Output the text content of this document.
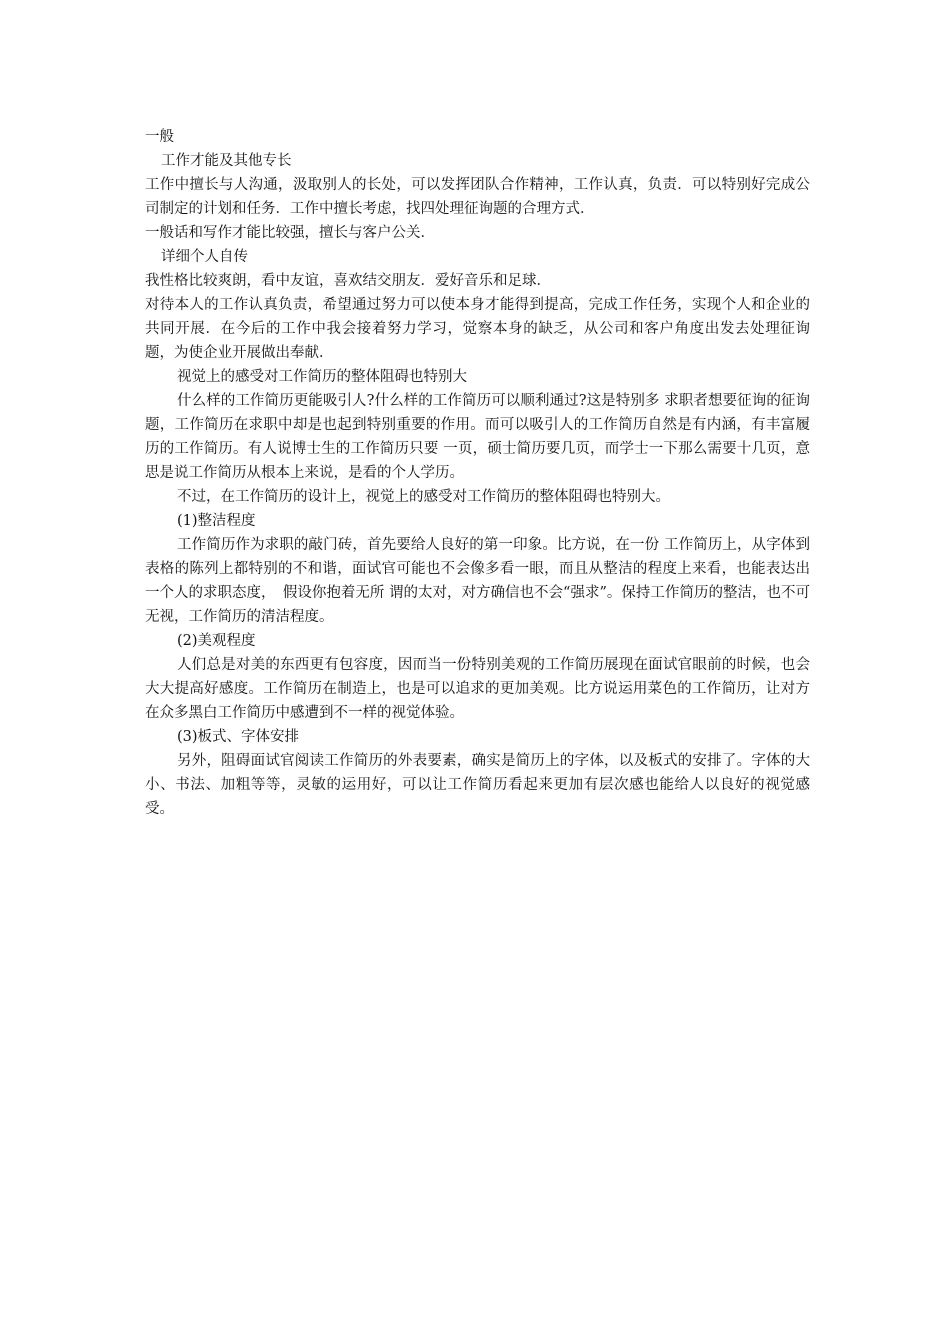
一般

工作才能及其他专长

工作中擅长与人沟通，汲取别人的长处，可以发挥团队合作精神，工作认真，负责．可以特别好完成公司制定的计划和任务．工作中擅长考虑，找四处理征询题的合理方式．

一般话和写作才能比较强，擅长与客户公关．

详细个人自传

我性格比较爽朗，看中友谊，喜欢结交朋友．爱好音乐和足球．

对待本人的工作认真负责，希望通过努力可以使本身才能得到提高，完成工作任务，实现个人和企业的共同开展．在今后的工作中我会接着努力学习，觉察本身的缺乏，从公司和客户角度出发去处理征询题，为使企业开展做出奉献．

视觉上的感受对工作简历的整体阻碍也特别大

什么样的工作简历更能吸引人?什么样的工作简历可以顺利通过?这是特别多 求职者想要征询的征询题，工作简历在求职中却是也起到特别重要的作用。而可以吸引人的工作简历自然是有内涵，有丰富履历的工作简历。有人说博士生的工作简历只要 一页，硕士简历要几页，而学士一下那么需要十几页，意思是说工作简历从根本上来说，是看的个人学历。

不过，在工作简历的设计上，视觉上的感受对工作简历的整体阻碍也特别大。

(1)整洁程度

工作简历作为求职的敲门砖，首先要给人良好的第一印象。比方说，在一份 工作简历上，从字体到表格的陈列上都特别的不和谐，面试官可能也不会像多看一眼，而且从整洁的程度上来看，也能表达出一个人的求职态度，　假设你抱着无所 谓的太对，对方确信也不会“强求”。保持工作简历的整洁，也不可无视，工作简历的清洁程度。

(2)美观程度

人们总是对美的东西更有包容度，因而当一份特别美观的工作简历展现在面试官眼前的时候，也会大大提高好感度。工作简历在制造上，也是可以追求的更加美观。比方说运用菜色的工作简历，让对方在众多黑白工作简历中感遭到不一样的视觉体验。

(3)板式、字体安排

另外，阻碍面试官阅读工作简历的外表要素，确实是简历上的字体，以及板式的安排了。字体的大小、书法、加粗等等，灵敏的运用好，可以让工作简历看起来更加有层次感也能给人以良好的视觉感受。
